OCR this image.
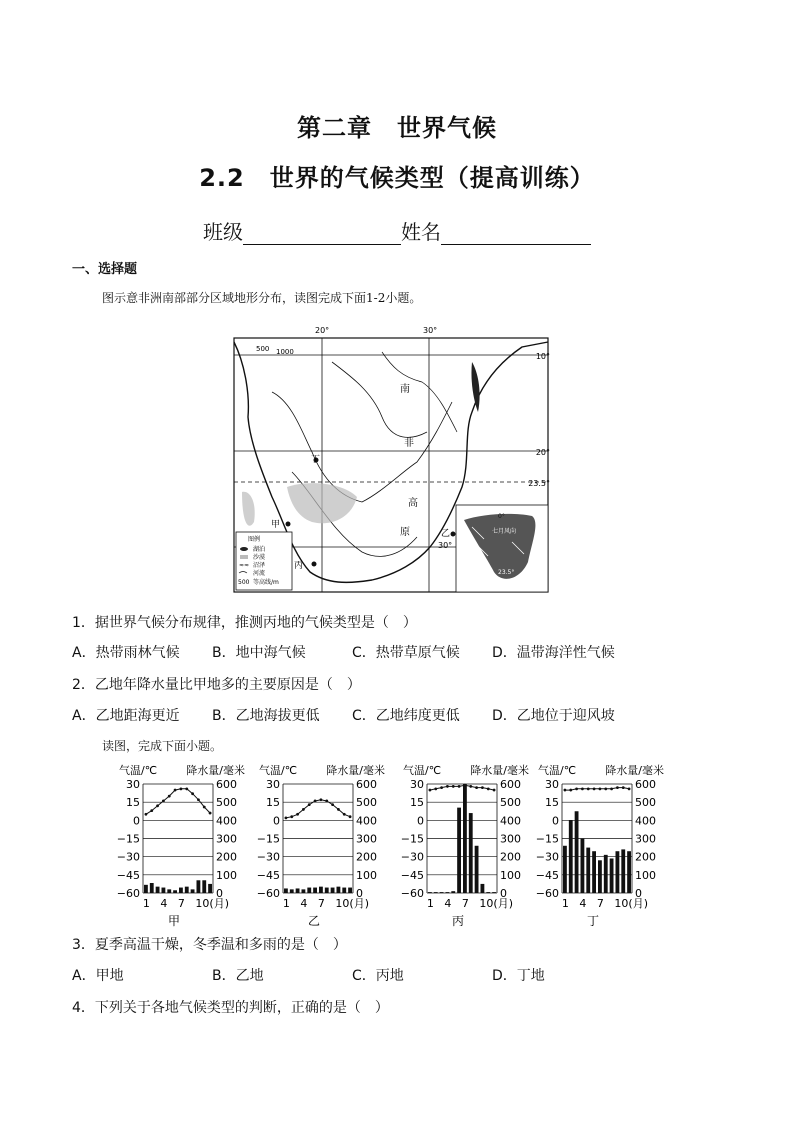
第二章　世界气候
2.2　世界的气候类型（提高训练）
班级	姓名
一、选择题
图示意非洲南部部分区域地形分布，读图完成下面1-2小题。
20°	30°
10°
20°
23.5°
30°
500 1000
南
非
高
原
甲
乙
丙
丁
图例
湖泊
沙漠
≈≈ 沼泽
河流
500 等高线/m
0°
七月风向
23.5°
1．据世界气候分布规律，推测丙地的气候类型是（　）
A．热带雨林气候 B．地中海气候	C．热带草原气候 D．温带海洋性气候
2．乙地年降水量比甲地多的主要原因是（　）
A．乙地距海更近 B．乙地海拔更低 C．乙地纬度更低 D．乙地位于迎风坡
读图，完成下面小题。
气温/℃	降水量/毫米
30
15
0
−15
−30
−45
−60
600
500
400
300
200
100
0
1 4 7 10(月)
甲
气温/℃	降水量/毫米
30
15
0
−15
−30
−45
−60
600
500
400
300
200
100
0
1 4 7 10(月)
乙
气温/℃	降水量/毫米
30
15
0
−15
−30
−45
−60
600
500
400
300
200
100
0
1 4 7 10(月)
丙
气温/℃	降水量/毫米
30
15
0
−15
−30
−45
−60
600
500
400
300
200
100
0
1 4 7 10(月)
丁
3．夏季高温干燥，冬季温和多雨的是（　）
A．甲地	B．乙地	C．丙地	D．丁地
4．下列关于各地气候类型的判断，正确的是（　）
